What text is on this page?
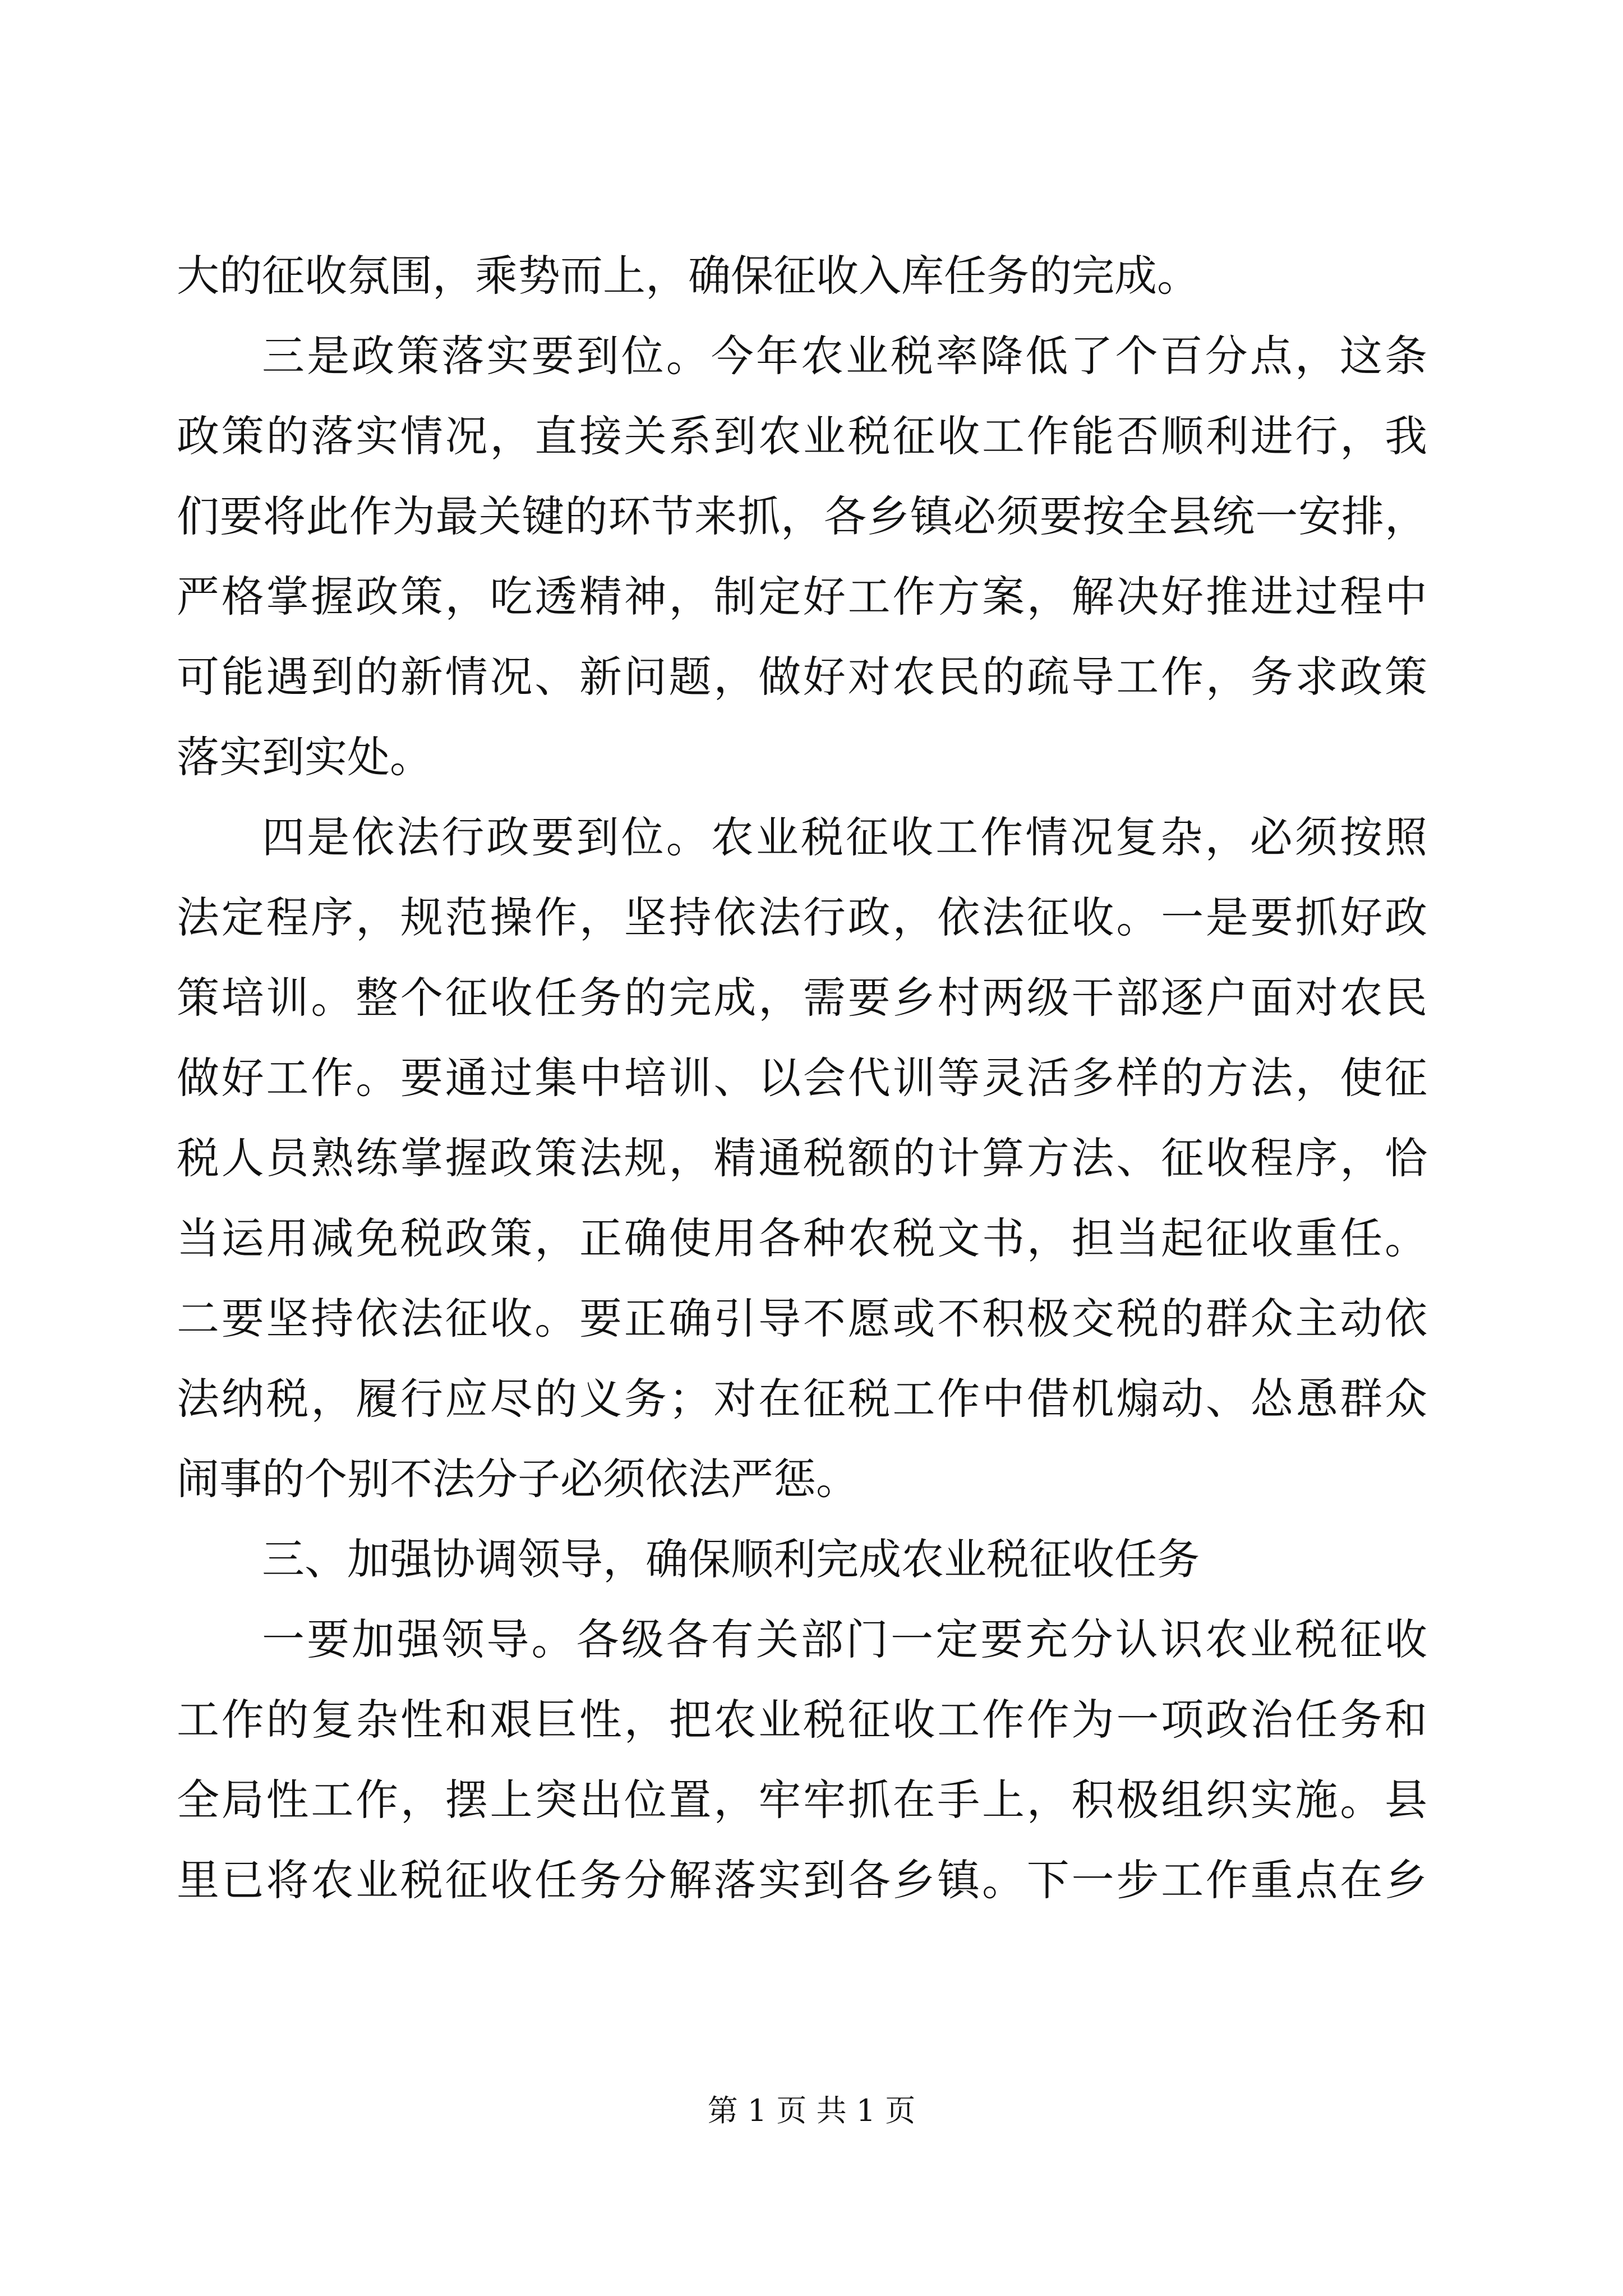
大的征收氛围，乘势而上，确保征收入库任务的完成。
三是政策落实要到位。今年农业税率降低了个百分点，这条
政策的落实情况，直接关系到农业税征收工作能否顺利进行，我
们要将此作为最关键的环节来抓，各乡镇必须要按全县统一安排，
严格掌握政策，吃透精神，制定好工作方案，解决好推进过程中
可能遇到的新情况、新问题，做好对农民的疏导工作，务求政策
落实到实处。
四是依法行政要到位。农业税征收工作情况复杂，必须按照
法定程序，规范操作，坚持依法行政，依法征收。一是要抓好政
策培训。整个征收任务的完成，需要乡村两级干部逐户面对农民
做好工作。要通过集中培训、以会代训等灵活多样的方法，使征
税人员熟练掌握政策法规，精通税额的计算方法、征收程序，恰
当运用减免税政策，正确使用各种农税文书，担当起征收重任。
二要坚持依法征收。要正确引导不愿或不积极交税的群众主动依
法纳税，履行应尽的义务；对在征税工作中借机煽动、怂恿群众
闹事的个别不法分子必须依法严惩。
三、加强协调领导，确保顺利完成农业税征收任务
一要加强领导。各级各有关部门一定要充分认识农业税征收
工作的复杂性和艰巨性，把农业税征收工作作为一项政治任务和
全局性工作，摆上突出位置，牢牢抓在手上，积极组织实施。县
里已将农业税征收任务分解落实到各乡镇。下一步工作重点在乡
第 1 页 共 1 页
